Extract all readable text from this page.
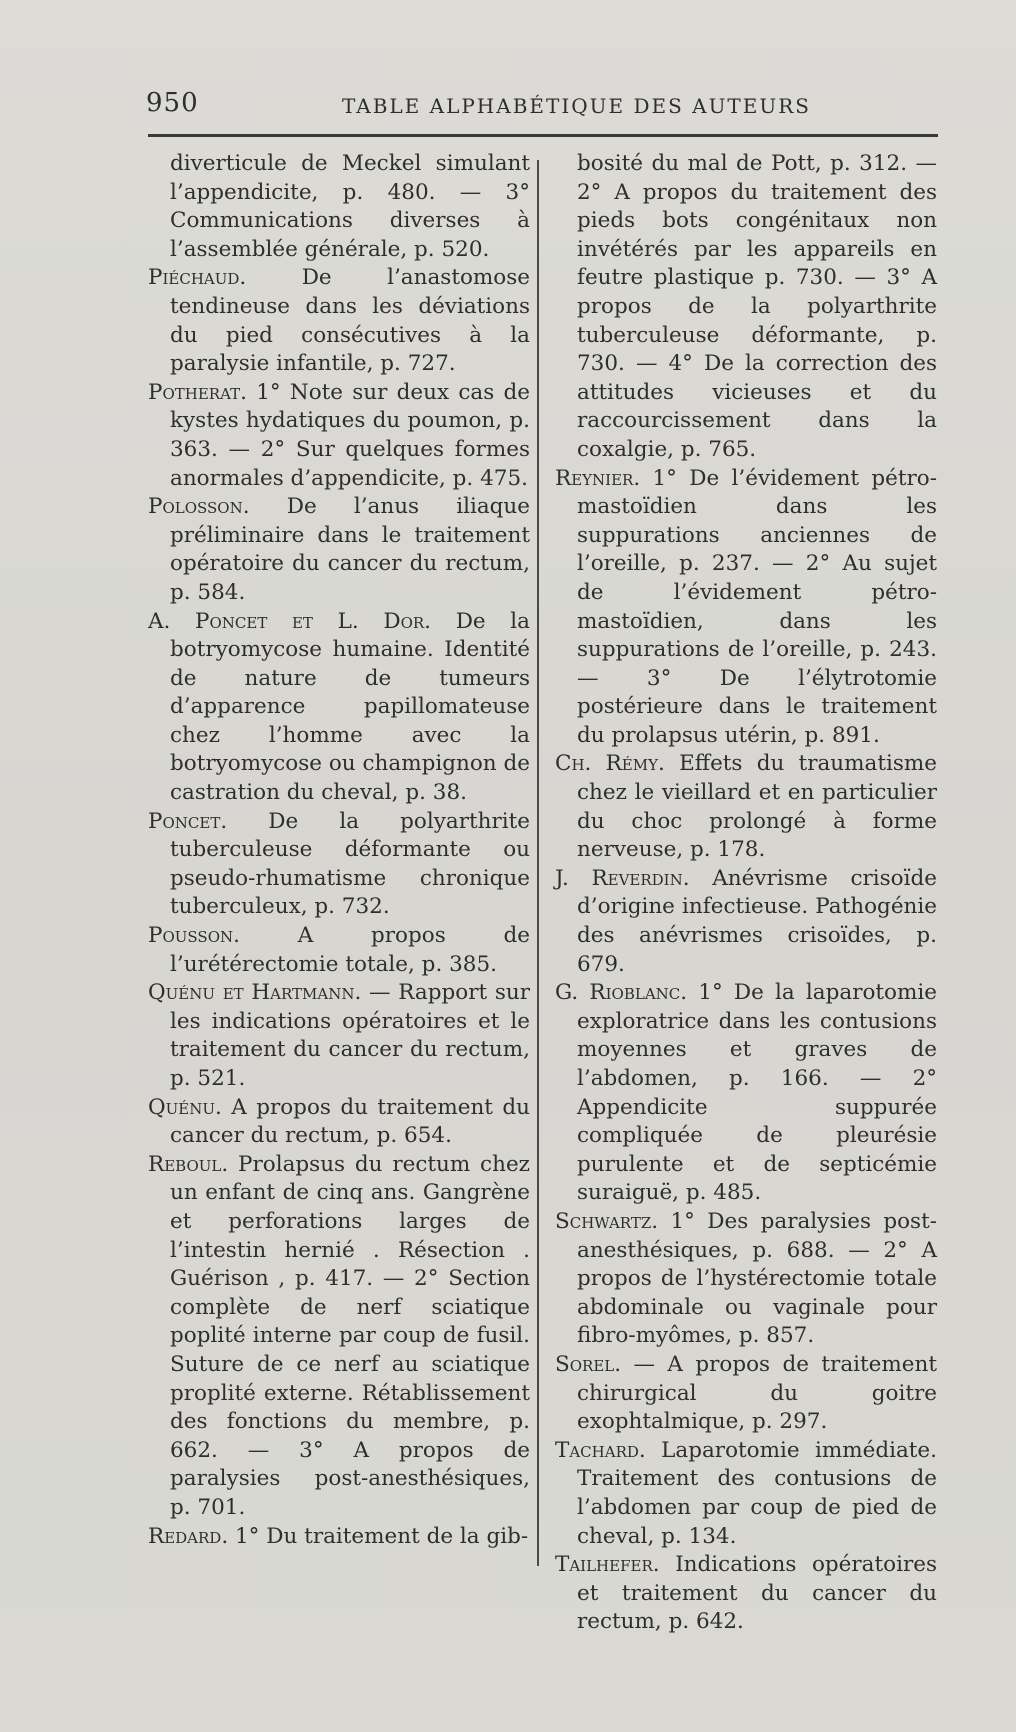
950	TABLE ALPHABÉTIQUE DES AUTEURS

diverticule de Meckel simulant l’appendicite, p. 480. — 3° Communications diverses à l’assemblée générale, p. 520.

Piéchaud.	De l’anastomose tendineuse dans les déviations du pied consécutives à la paralysie infantile, p. 727.

Potherat. 1° Note sur deux cas de kystes hydatiques du poumon, p. 363. — 2° Sur quelques formes anormales d’appendicite, p. 475.

Polosson. De l’anus iliaque préliminaire dans le traitement opératoire du cancer du rectum, p. 584.

A. Poncet et L. Dor. De la botryomycose humaine. Identité de nature de tumeurs d’apparence papillomateuse chez l’homme avec la botryomycose ou champignon de castration du cheval, p. 38.

Poncet. De la polyarthrite tuberculeuse déformante ou pseudo-rhumatisme chronique tuberculeux, p. 732.

Pousson.	A propos de l’urétérectomie totale, p. 385.

Quénu et Hartmann. — Rapport sur les indications opératoires et le traitement du cancer du rectum, p. 521.

Quénu. A propos du traitement du cancer du rectum, p. 654.

Reboul. Prolapsus du rectum chez un enfant de cinq ans. Gangrène et perforations larges de l’intestin hernié . Résection . Guérison , p. 417. — 2° Section complète de nerf sciatique poplité interne par coup de fusil. Suture de ce nerf au sciatique proplité externe. Rétablissement des fonctions du membre, p. 662. — 3° A propos de paralysies post-anesthésiques, p. 701.

Redard. 1° Du traitement de la gib-

bosité du mal de Pott, p. 312. — 2° A propos du traitement des pieds bots congénitaux non invétérés par les appareils en feutre plastique p. 730. — 3° A propos de la polyarthrite tuberculeuse déformante, p. 730. — 4° De la correction des attitudes vicieuses et du raccourcissement dans la coxalgie, p. 765.

Reynier. 1° De l’évidement pétro-mastoïdien dans les suppurations anciennes de l’oreille, p. 237. — 2° Au sujet de l’évidement pétro-mastoïdien, dans les suppurations de l’oreille, p. 243. — 3° De l’élytrotomie postérieure dans le traitement du prolapsus utérin, p. 891.

Ch. Rémy. Effets du traumatisme chez le vieillard et en particulier du choc prolongé à forme nerveuse, p. 178.

J. Reverdin. Anévrisme crisoïde d’origine infectieuse. Pathogénie des anévrismes crisoïdes, p. 679.

G. Rioblanc. 1° De la laparotomie exploratrice dans les contusions moyennes et graves de l’abdomen, p. 166. — 2° Appendicite suppurée compliquée de pleurésie purulente et de septicémie suraiguë, p. 485.

Schwartz. 1° Des paralysies post-anesthésiques, p. 688. — 2° A propos de l’hystérectomie totale abdominale ou vaginale pour fibro-myômes, p. 857.

Sorel. — A propos de traitement chirurgical du goitre exophtalmique, p. 297.

Tachard. Laparotomie immédiate. Traitement des contusions de l’abdomen par coup de pied de cheval, p. 134.

Tailhefer. Indications opératoires et traitement du cancer du rectum, p. 642.
